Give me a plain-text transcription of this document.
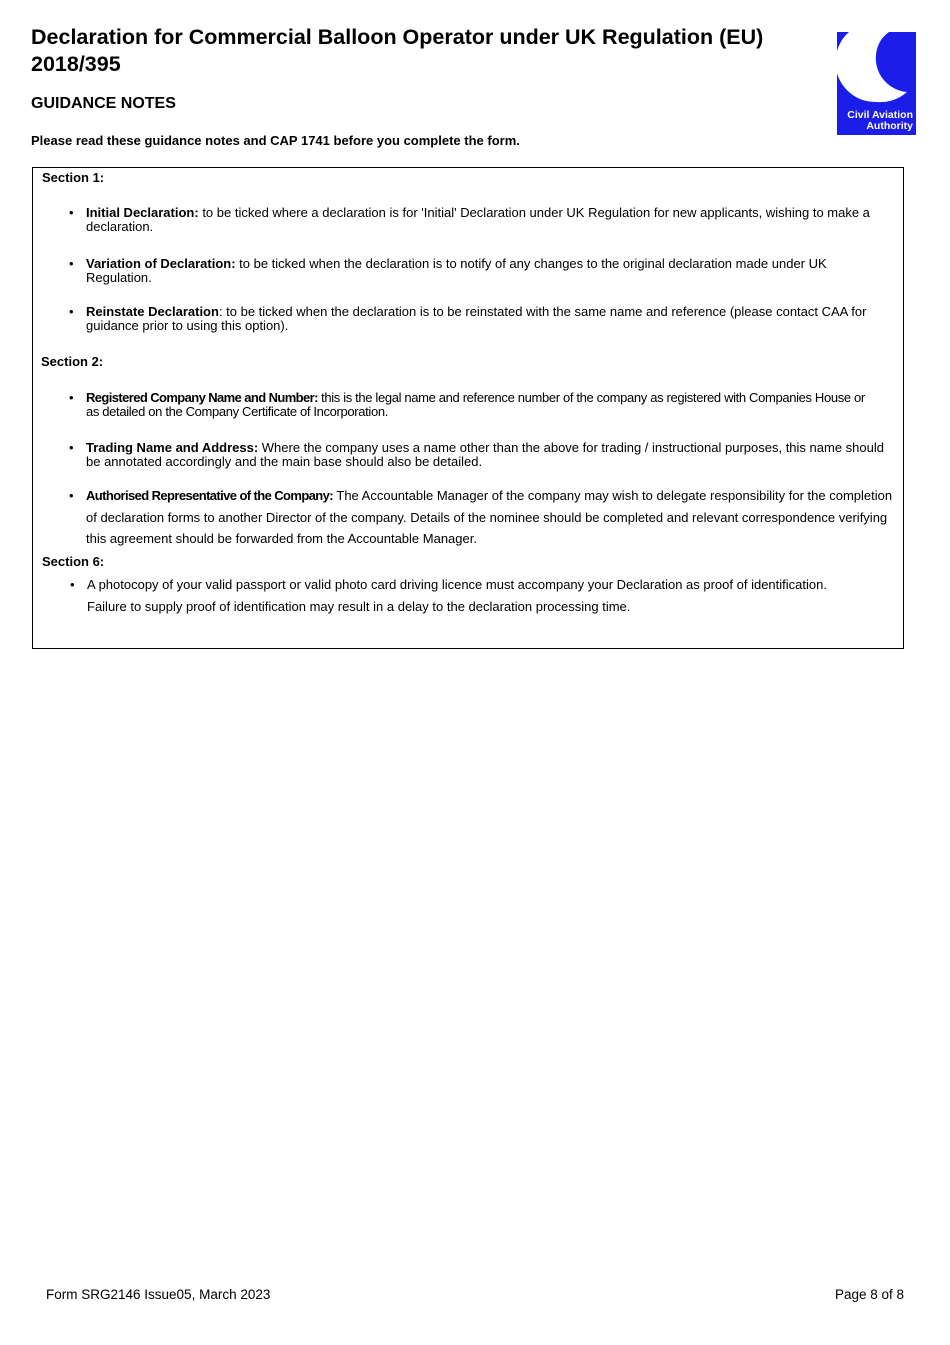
Declaration for Commercial Balloon Operator under UK Regulation (EU)
2018/395
GUIDANCE NOTES
Please read these guidance notes and CAP 1741 before you complete the form.
Civil Aviation
Authority
Section 1:
• Initial Declaration: to be ticked where a declaration is for 'Initial' Declaration under UK Regulation for new applicants, wishing to make a declaration.
• Variation of Declaration: to be ticked when the declaration is to notify of any changes to the original declaration made under UK Regulation.
• Reinstate Declaration: to be ticked when the declaration is to be reinstated with the same name and reference (please contact CAA for guidance prior to using this option).
Section 2:
• Registered Company Name and Number: this is the legal name and reference number of the company as registered with Companies House or as detailed on the Company Certificate of Incorporation.
• Trading Name and Address: Where the company uses a name other than the above for trading / instructional purposes, this name should be annotated accordingly and the main base should also be detailed.
• Authorised Representative of the Company: The Accountable Manager of the company may wish to delegate responsibility for the completion of declaration forms to another Director of the company. Details of the nominee should be completed and relevant correspondence verifying this agreement should be forwarded from the Accountable Manager.
Section 6:
• A photocopy of your valid passport or valid photo card driving licence must accompany your Declaration as proof of identification. Failure to supply proof of identification may result in a delay to the declaration processing time.
Form SRG2146 Issue05, March 2023	Page 8 of 8
